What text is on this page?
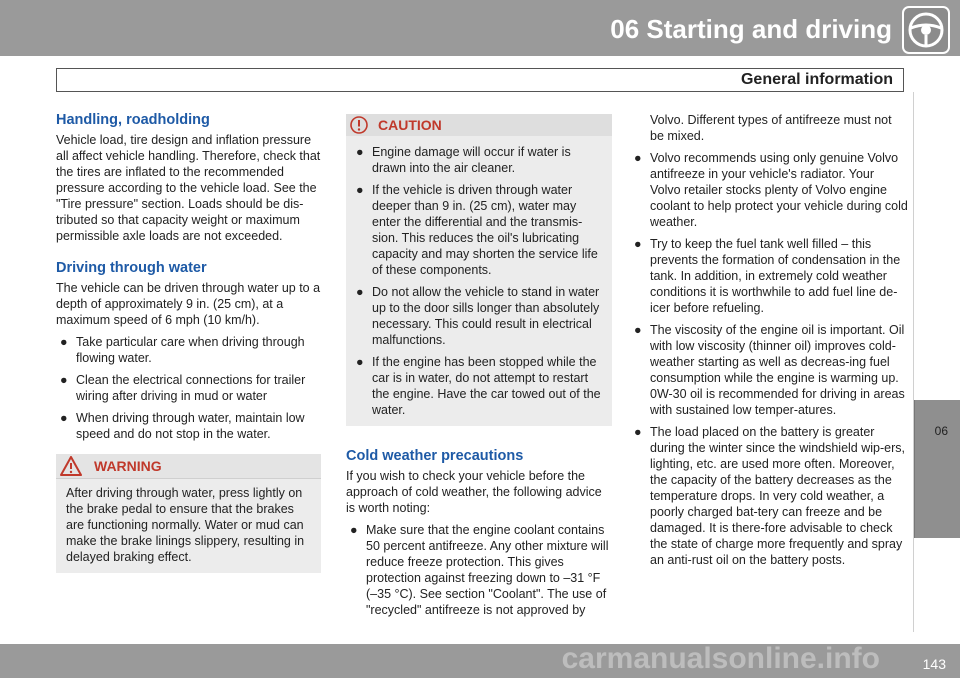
06 Starting and driving
General information
06
Handling, roadholding

Vehicle load, tire design and inflation pressure all affect vehicle handling. Therefore, check that the tires are inflated to the recommended pressure according to the vehicle load. See the "Tire pressure" section. Loads should be dis-tributed so that capacity weight or maximum permissible axle loads are not exceeded.

Driving through water

The vehicle can be driven through water up to a depth of approximately 9 in. (25 cm), at a maximum speed of 6 mph (10 km/h).

● Take particular care when driving through flowing water.
● Clean the electrical connections for trailer wiring after driving in mud or water
● When driving through water, maintain low speed and do not stop in the water.
WARNING
After driving through water, press lightly on the brake pedal to ensure that the brakes are functioning normally. Water or mud can make the brake linings slippery, resulting in delayed braking effect.
CAUTION
● Engine damage will occur if water is drawn into the air cleaner.
● If the vehicle is driven through water deeper than 9 in. (25 cm), water may enter the differential and the transmis-sion. This reduces the oil's lubricating capacity and may shorten the service life of these components.
● Do not allow the vehicle to stand in water up to the door sills longer than absolutely necessary. This could result in electrical malfunctions.
● If the engine has been stopped while the car is in water, do not attempt to restart the engine. Have the car towed out of the water.
Cold weather precautions

If you wish to check your vehicle before the approach of cold weather, the following advice is worth noting:

● Make sure that the engine coolant contains 50 percent antifreeze. Any other mixture will reduce freeze protection. This gives protection against freezing down to –31 °F (–35 °C). See section "Coolant". The use of "recycled" antifreeze is not approved by

Volvo. Different types of antifreeze must not be mixed.

● Volvo recommends using only genuine Volvo antifreeze in your vehicle's radiator. Your Volvo retailer stocks plenty of Volvo engine coolant to help protect your vehicle during cold weather.
● Try to keep the fuel tank well filled – this prevents the formation of condensation in the tank. In addition, in extremely cold weather conditions it is worthwhile to add fuel line de-icer before refueling.
● The viscosity of the engine oil is important. Oil with low viscosity (thinner oil) improves cold-weather starting as well as decreas-ing fuel consumption while the engine is warming up. 0W-30 oil is recommended for driving in areas with sustained low temper-atures.
● The load placed on the battery is greater during the winter since the windshield wip-ers, lighting, etc. are used more often. Moreover, the capacity of the battery decreases as the temperature drops. In very cold weather, a poorly charged bat-tery can freeze and be damaged. It is there-fore advisable to check the state of charge more frequently and spray an anti-rust oil on the battery posts.
carmanualsonline.info	143
